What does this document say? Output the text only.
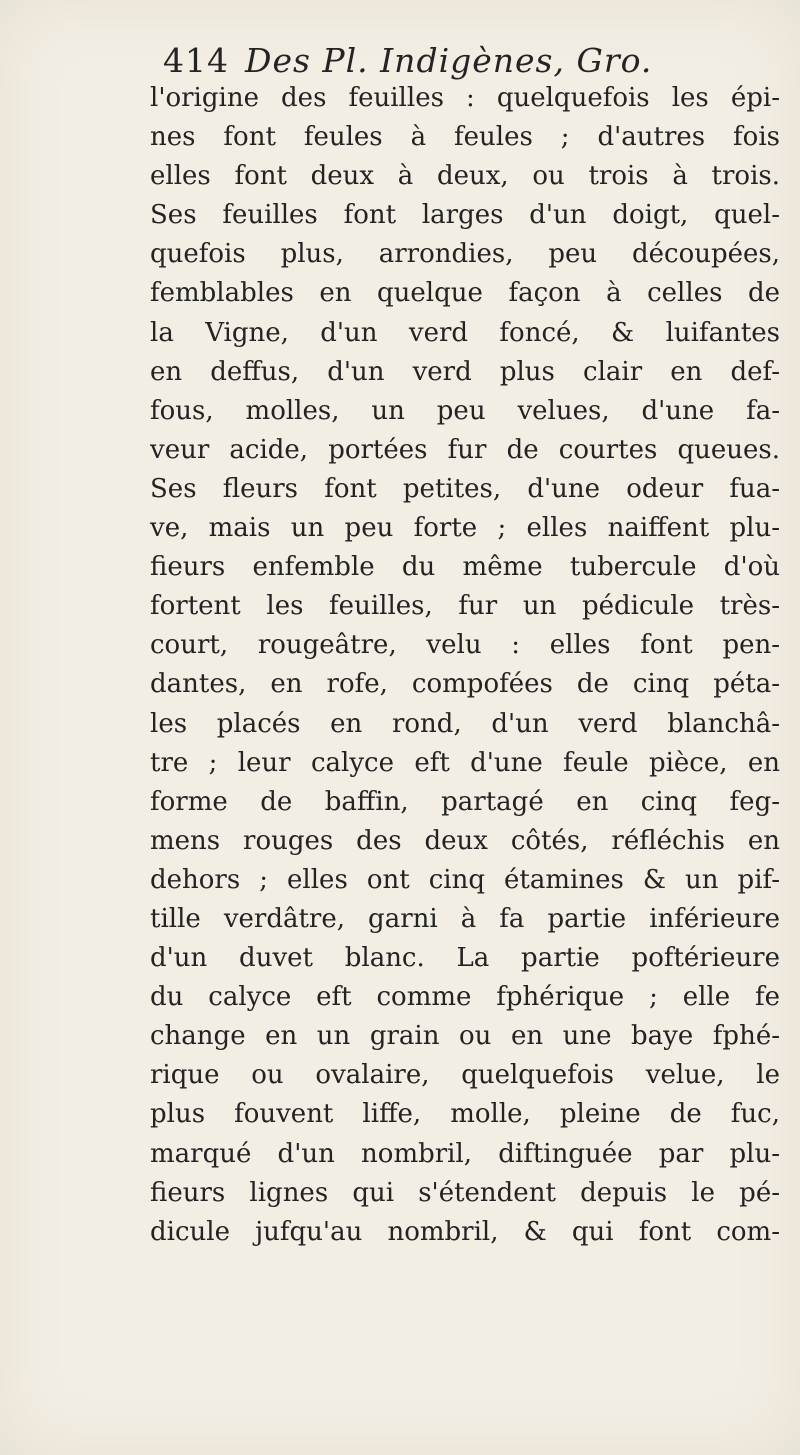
414 Des Pl. Indigènes, Gro.
l'origine des feuilles : quelquefois les épi-
nes font feules à feules ; d'autres fois
elles font deux à deux, ou trois à trois.
Ses feuilles font larges d'un doigt, quel-
quefois plus, arrondies, peu découpées,
femblables en quelque façon à celles de
la Vigne, d'un verd foncé, & luifantes
en deffus, d'un verd plus clair en def-
fous, molles, un peu velues, d'une fa-
veur acide, portées fur de courtes queues.
Ses fleurs font petites, d'une odeur fua-
ve, mais un peu forte ; elles naiffent plu-
fieurs enfemble du même tubercule d'où
fortent les feuilles, fur un pédicule très-
court, rougeâtre, velu : elles font pen-
dantes, en rofe, compofées de cinq péta-
les placés en rond, d'un verd blanchâ-
tre ; leur calyce eft d'une feule pièce, en
forme de baffin, partagé en cinq feg-
mens rouges des deux côtés, réfléchis en
dehors ; elles ont cinq étamines & un pif-
tille verdâtre, garni à fa partie inférieure
d'un duvet blanc. La partie poftérieure
du calyce eft comme fphérique ; elle fe
change en un grain ou en une baye fphé-
rique ou ovalaire, quelquefois velue, le
plus fouvent liffe, molle, pleine de fuc,
marqué d'un nombril, diftinguée par plu-
fieurs lignes qui s'étendent depuis le pé-
dicule jufqu'au nombril, & qui font com-
